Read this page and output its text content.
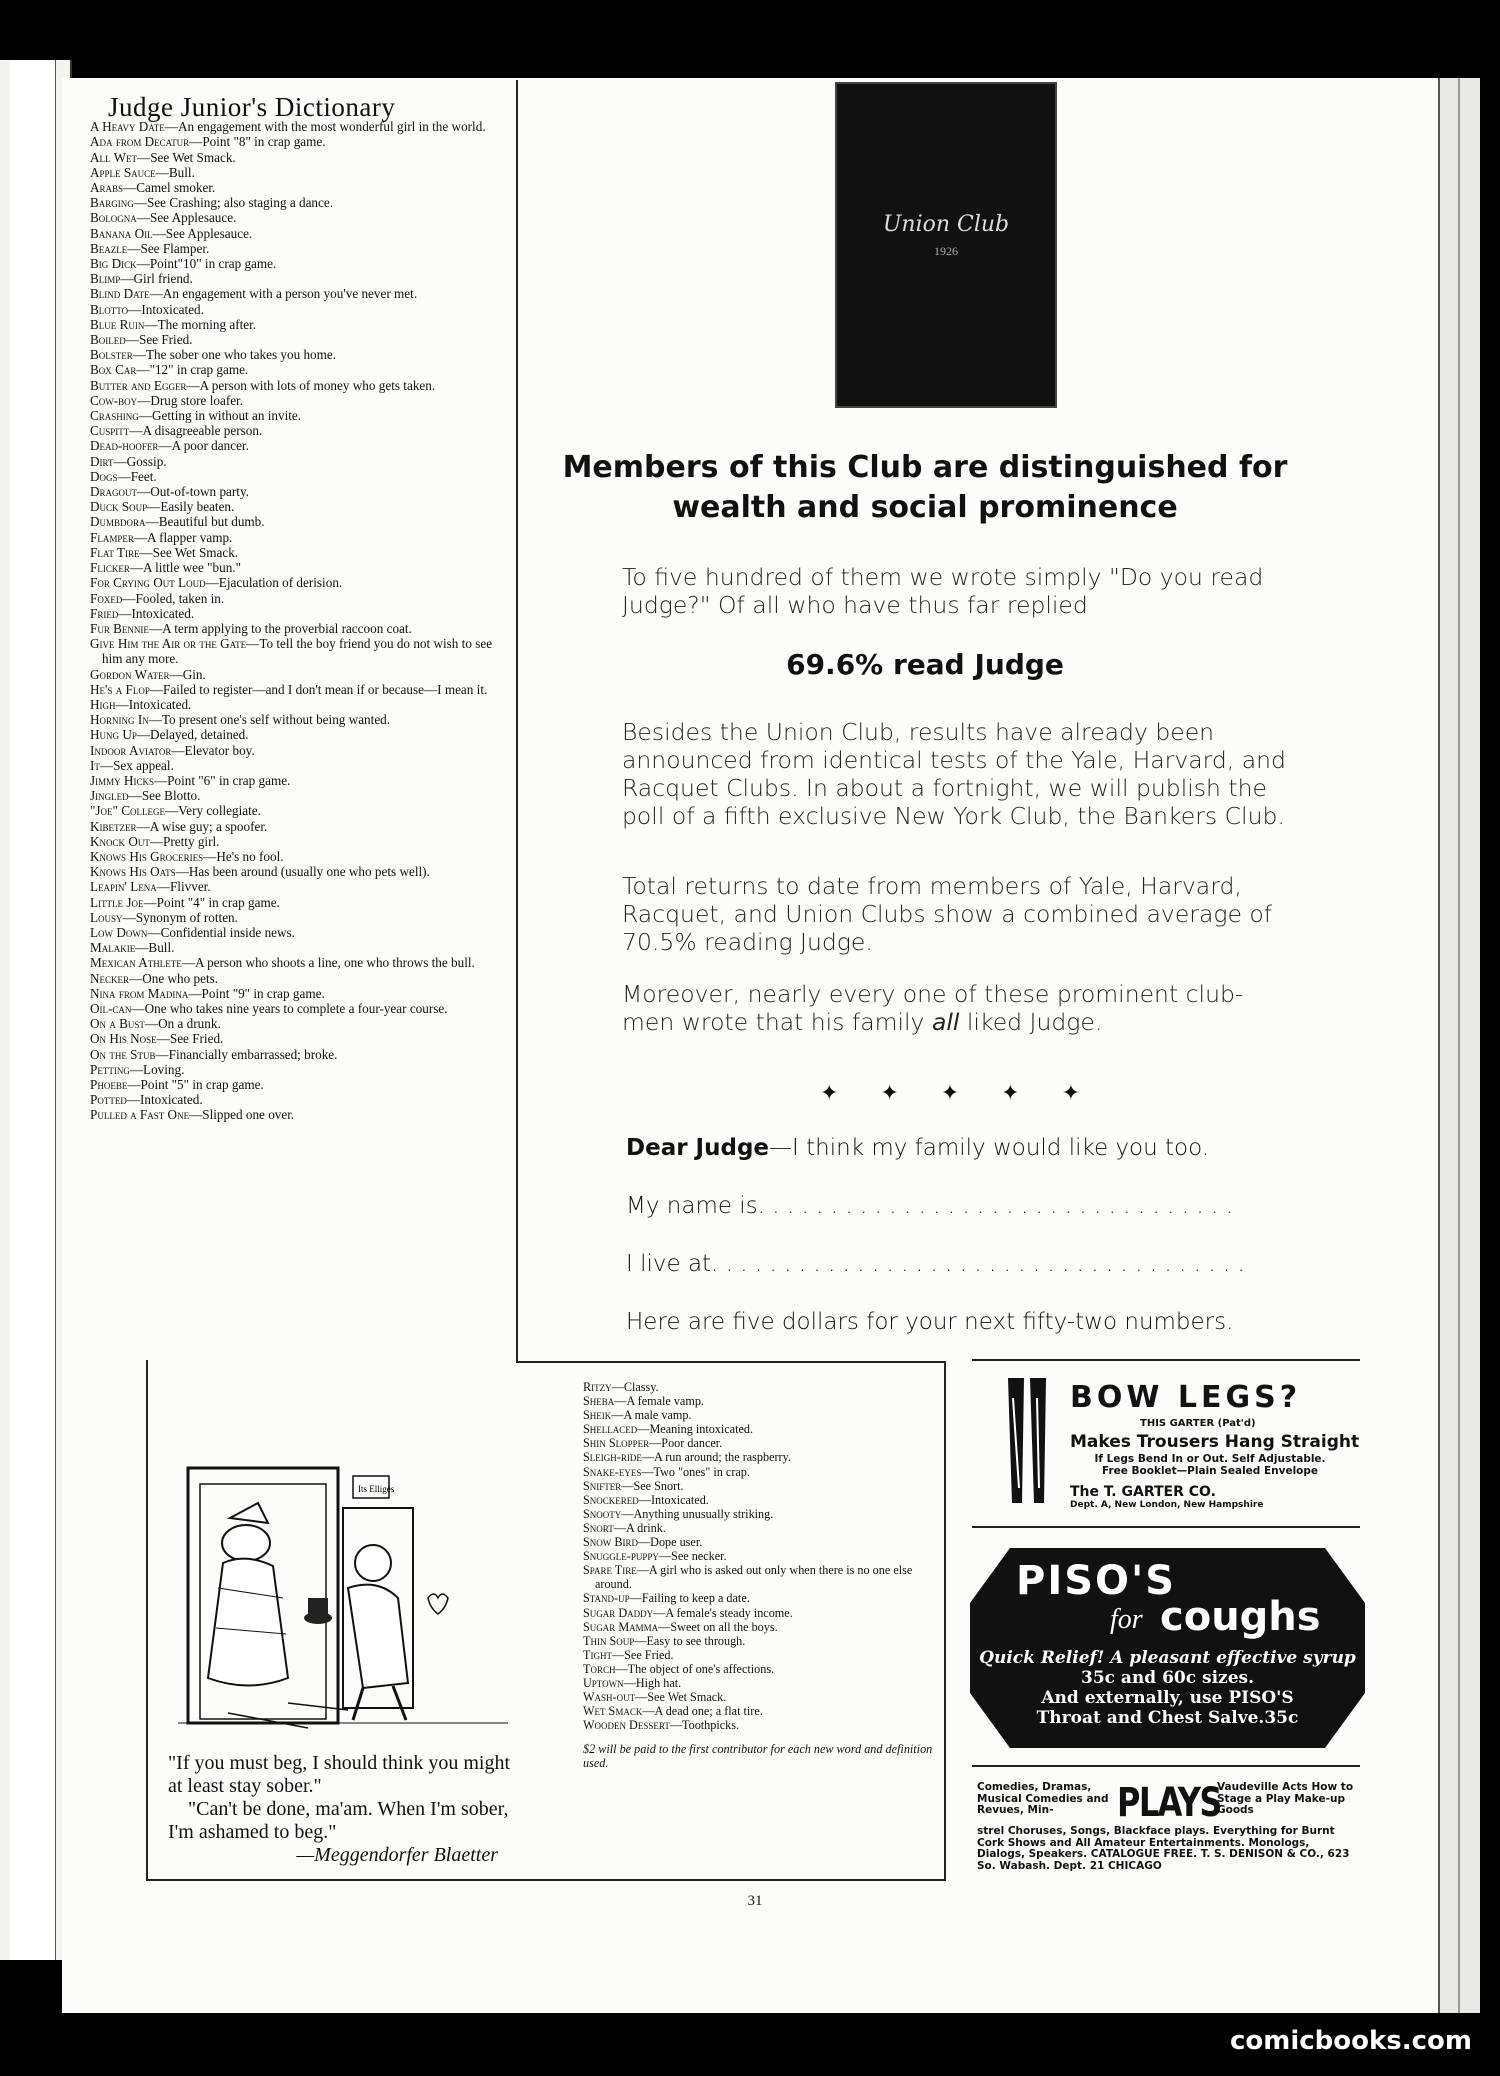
Judge Junior's Dictionary
A Heavy Date—An engagement with the most wonderful girl in the world.
Ada from Decatur—Point "8" in crap game.
All Wet—See Wet Smack.
Apple Sauce—Bull.
Arabs—Camel smoker.
Barging—See Crashing; also staging a dance.
Bologna—See Applesauce.
Banana Oil—See Applesauce.
Beazle—See Flamper.
Big Dick—Point"10" in crap game.
Blimp—Girl friend.
Blind Date—An engagement with a person you've never met.
Blotto—Intoxicated.
Blue Ruin—The morning after.
Boiled—See Fried.
Bolster—The sober one who takes you home.
Box Car—"12" in crap game.
Butter and Egger—A person with lots of money who gets taken.
Cow-boy—Drug store loafer.
Crashing—Getting in without an invite.
Cuspitt—A disagreeable person.
Dead-hoofer—A poor dancer.
Dirt—Gossip.
Dogs—Feet.
Dragout—Out-of-town party.
Duck Soup—Easily beaten.
Dumbdora—Beautiful but dumb.
Flamper—A flapper vamp.
Flat Tire—See Wet Smack.
Flicker—A little wee "bun."
For Crying Out Loud—Ejaculation of derision.
Foxed—Fooled, taken in.
Fried—Intoxicated.
Fur Bennie—A term applying to the proverbial raccoon coat.
Give Him the Air or the Gate—To tell the boy friend you do not wish to see him any more.
Gordon Water—Gin.
He's a Flop—Failed to register—and I don't mean if or because—I mean it.
High—Intoxicated.
Horning In—To present one's self without being wanted.
Hung Up—Delayed, detained.
Indoor Aviator—Elevator boy.
It—Sex appeal.
Jimmy Hicks—Point "6" in crap game.
Jingled—See Blotto.
"Joe" College—Very collegiate.
Kibetzer—A wise guy; a spoofer.
Knock Out—Pretty girl.
Knows His Groceries—He's no fool.
Knows His Oats—Has been around (usually one who pets well).
Leapin' Lena—Flivver.
Little Joe—Point "4" in crap game.
Lousy—Synonym of rotten.
Low Down—Confidential inside news.
Malakie—Bull.
Mexican Athlete—A person who shoots a line, one who throws the bull.
Necker—One who pets.
Nina from Madina—Point "9" in crap game.
Oil-can—One who takes nine years to complete a four-year course.
On a Bust—On a drunk.
On His Nose—See Fried.
On the Stub—Financially embarrassed; broke.
Petting—Loving.
Phoebe—Point "5" in crap game.
Potted—Intoxicated.
Pulled a Fast One—Slipped one over.
Union Club
1926
Members of this Club are distinguished for wealth and social prominence
To five hundred of them we wrote simply "Do you read Judge?" Of all who have thus far replied
69.6% read Judge
Besides the Union Club, results have already been announced from identical tests of the Yale, Harvard, and Racquet Clubs. In about a fortnight, we will publish the poll of a fifth exclusive New York Club, the Bankers Club.
Total returns to date from members of Yale, Harvard, Racquet, and Union Clubs show a combined average of 70.5% reading Judge.
Moreover, nearly every one of these prominent club-men wrote that his family all liked Judge.
✦ ✦ ✦ ✦ ✦
Dear Judge—I think my family would like you too.
My name is. . . . . . . . . . . . . . . . . . . . . . . . . . . . . . . . .
I live at. . . . . . . . . . . . . . . . . . . . . . . . . . . . . . . . . . . . .
Here are five dollars for your next fifty-two numbers.
Its Elliges
"If you must beg, I should think you might at least stay sober."
"Can't be done, ma'am. When I'm sober, I'm ashamed to beg."
—Meggendorfer Blaetter
Ritzy—Classy.
Sheba—A female vamp.
Sheik—A male vamp.
Shellaced—Meaning intoxicated.
Shin Slopper—Poor dancer.
Sleigh-ride—A run around; the raspberry.
Snake-eyes—Two "ones" in crap.
Snifter—See Snort.
Snockered—Intoxicated.
Snooty—Anything unusually striking.
Snort—A drink.
Snow Bird—Dope user.
Snuggle-puppy—See necker.
Spare Tire—A girl who is asked out only when there is no one else around.
Stand-up—Failing to keep a date.
Sugar Daddy—A female's steady income.
Sugar Mamma—Sweet on all the boys.
Thin Soup—Easy to see through.
Tight—See Fried.
Torch—The object of one's affections.
Uptown—High hat.
Wash-out—See Wet Smack.
Wet Smack—A dead one; a flat tire.
Wooden Dessert—Toothpicks.
$2 will be paid to the first contributor for each new word and definition used.
BOW LEGS?
THIS GARTER (Pat'd)
Makes Trousers Hang Straight
If Legs Bend In or Out. Self Adjustable. Free Booklet—Plain Sealed Envelope
The T. GARTER CO. Dept. A, New London, New Hampshire
PISO'S
for coughs
Quick Relief! A pleasant effective syrup
35c and 60c sizes.
And externally, use PISO'S
Throat and Chest Salve.35c
Comedies, Dramas, Musical Comedies and Revues, Min-	PLAYS
Vaudeville Acts How to Stage a Play Make-up Goods
strel Choruses, Songs, Blackface plays. Everything for Burnt Cork Shows and All Amateur Entertainments. Monologs, Dialogs, Speakers. CATALOGUE FREE. T. S. DENISON & CO., 623 So. Wabash. Dept. 21 CHICAGO
31
comicbooks.com
